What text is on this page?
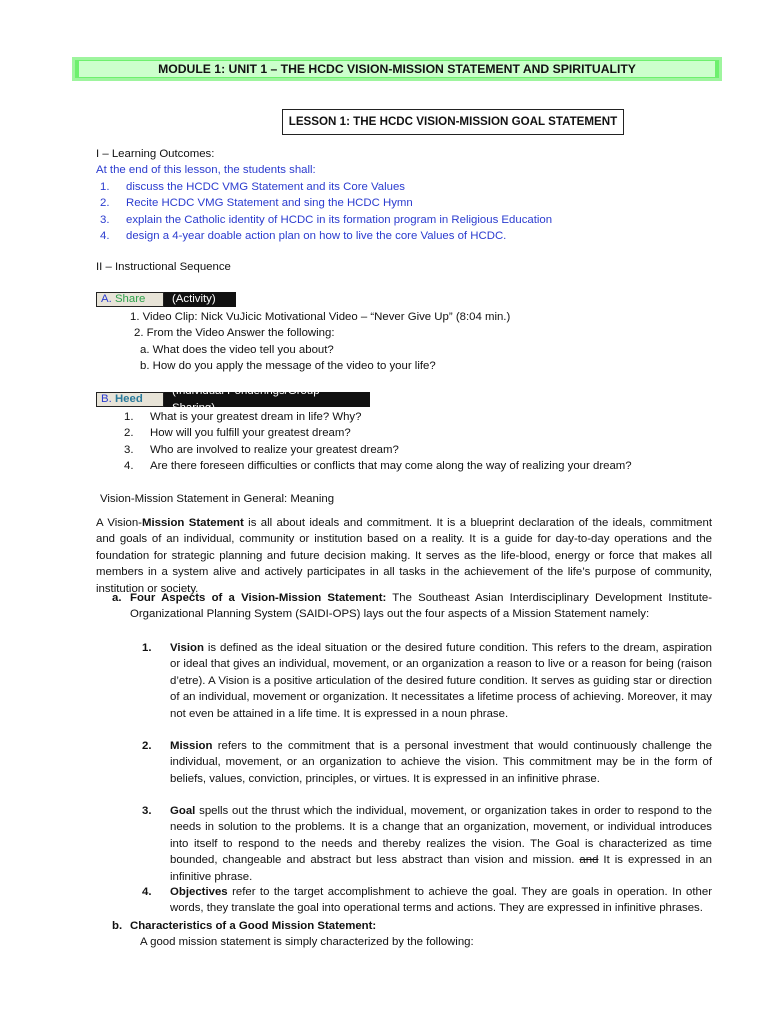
MODULE 1: UNIT 1 – THE HCDC VISION-MISSION STATEMENT AND SPIRITUALITY
LESSON 1: THE HCDC VISION-MISSION GOAL STATEMENT
I – Learning Outcomes:
At the end of this lesson, the students shall:
1.	discuss the HCDC VMG Statement and its Core Values
2.	Recite HCDC VMG Statement and sing the HCDC Hymn
3.	explain the Catholic identity of HCDC in its formation program in Religious Education
4.	design a 4-year doable action plan on how to live the core Values of HCDC.
II – Instructional Sequence
A.
Share	(Activity)
1. Video Clip: Nick VuJicic Motivational Video – “Never Give Up” (8:04 min.)
2. From the Video Answer the following:
a. What does the video tell you about?
b. How do you apply the message of the video to your life?
B.
Heed
(Individual Ponderings/Group Sharing)
1.	What is your greatest dream in life? Why?
2.	How will you fulfill your greatest dream?
3.	Who are involved to realize your greatest dream?
4.	Are there foreseen difficulties or conflicts that may come along the way of realizing your dream?
Vision-Mission Statement in General: Meaning
A Vision-Mission Statement is all about ideals and commitment. It is a blueprint declaration of the ideals, commitment and goals of an individual, community or institution based on a reality. It is a guide for day-to-day operations and the foundation for strategic planning and future decision making. It serves as the life-blood, energy or force that makes all members in a system alive and actively participates in all tasks in the achievement of the life’s purpose of community, institution or society.
a. Four Aspects of a Vision-Mission Statement: The Southeast Asian Interdisciplinary Development Institute-Organizational Planning System (SAIDI-OPS) lays out the four aspects of a Mission Statement namely:
1.	Vision is defined as the ideal situation or the desired future condition. This refers to the dream, aspiration or ideal that gives an individual, movement, or an organization a reason to live or a reason for being (raison d’etre). A Vision is a positive articulation of the desired future condition. It serves as guiding star or direction of an individual, movement or organization. It necessitates a lifetime process of achieving. Moreover, it may not even be attained in a life time. It is expressed in a noun phrase.
2.	Mission refers to the commitment that is a personal investment that would continuously challenge the individual, movement, or an organization to achieve the vision. This commitment may be in the form of beliefs, values, conviction, principles, or virtues. It is expressed in an infinitive phrase.
3.	Goal spells out the thrust which the individual, movement, or organization takes in order to respond to the needs in solution to the problems. It is a change that an organization, movement, or individual introduces into itself to respond to the needs and thereby realizes the vision. The Goal is characterized as time bounded, changeable and abstract but less abstract than vision and mission. and It is expressed in an infinitive phrase.
4.	Objectives refer to the target accomplishment to achieve the goal. They are goals in operation. In other words, they translate the goal into operational terms and actions. They are expressed in infinitive phrases.
b. Characteristics of a Good Mission Statement:
A good mission statement is simply characterized by the following:
